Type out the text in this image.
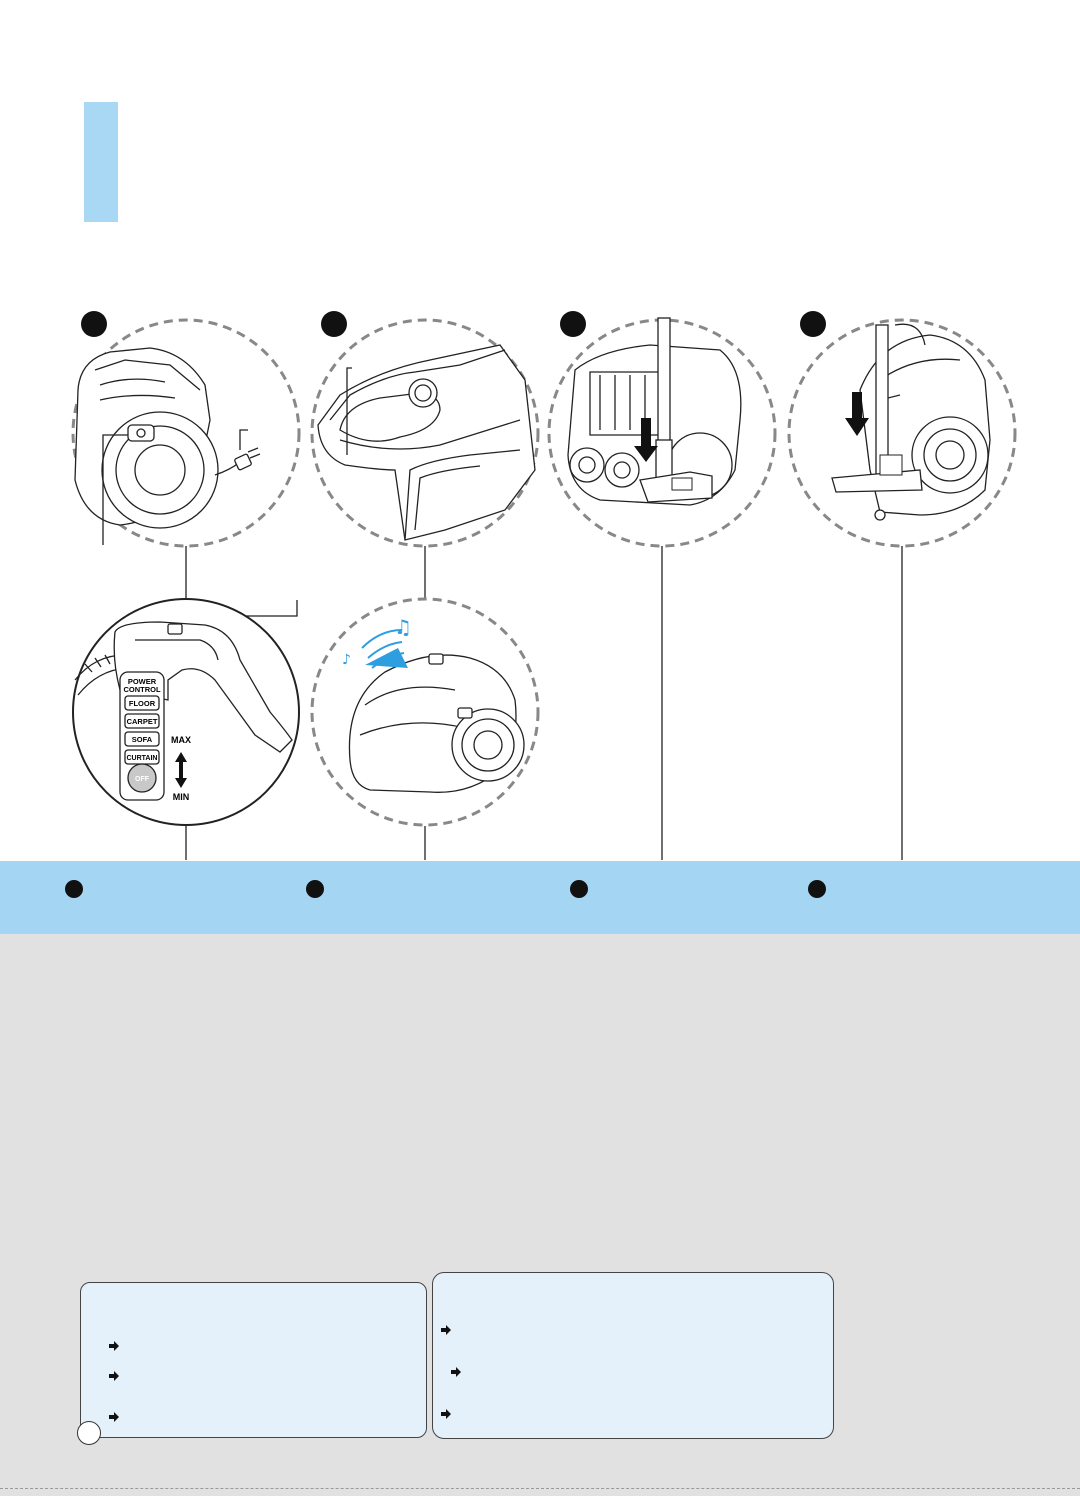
POWER
CONTROL
FLOOR
CARPET
SOFA
CURTAIN
OFF
MAX
MIN
♫
♪
